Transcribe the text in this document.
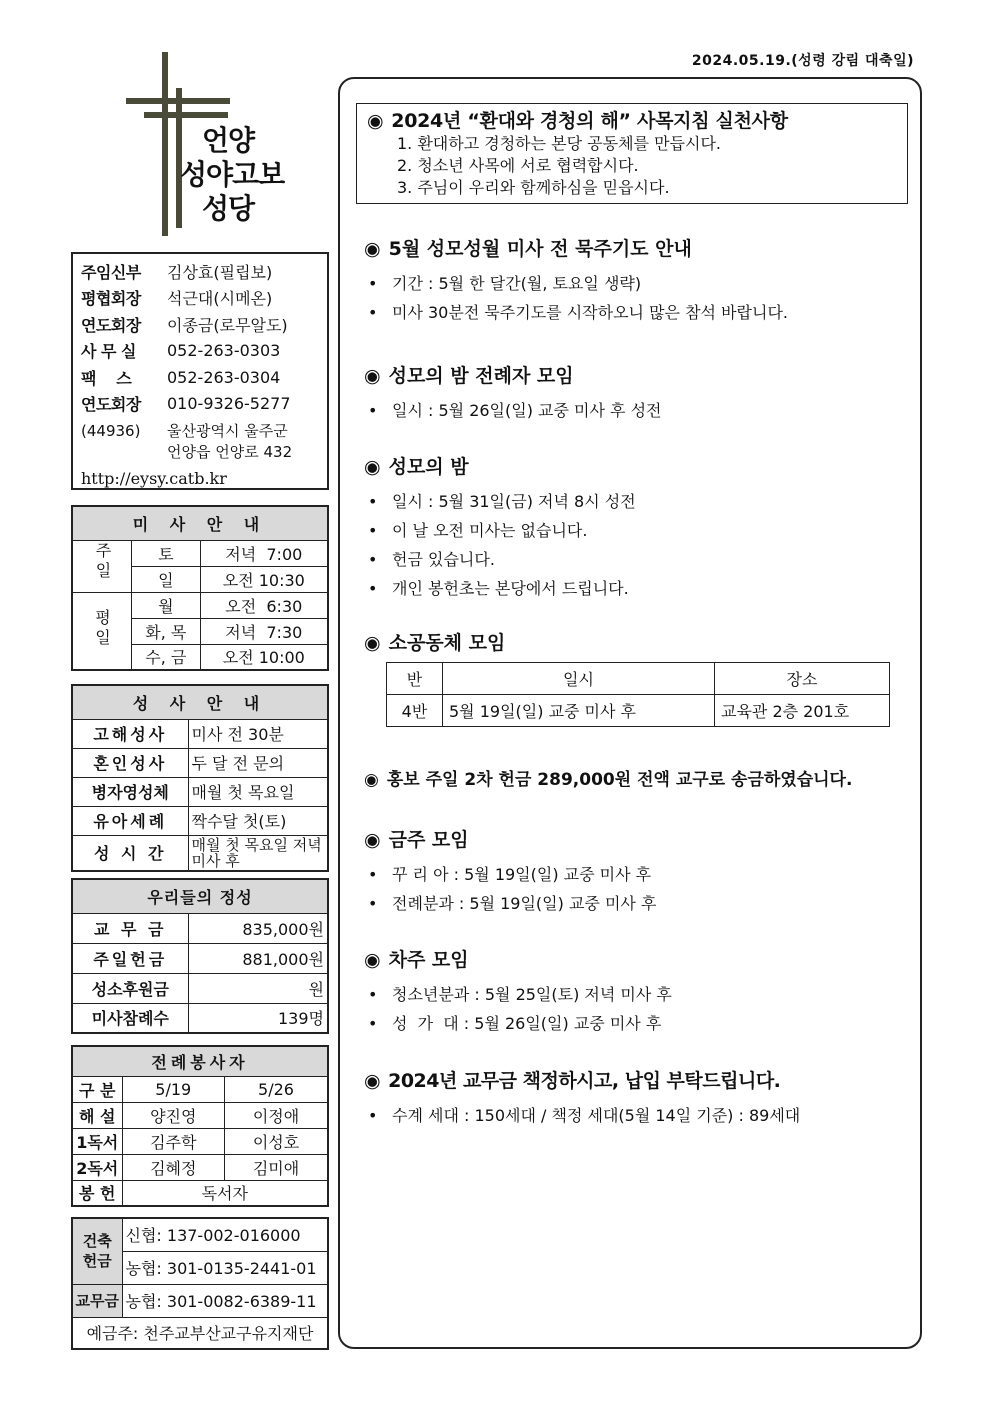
2024.05.19.(성령 강림 대축일)
언양
성야고보
성당
주임신부	김상효(필립보)
평협회장	석근대(시메온)
연도회장	이종금(로무알도)
사 무 실	052-263-0303
팩    스	052-263-0304
연도회장	010-9326-5277
(44936)	울산광역시 울주군
언양읍 언양로 432
http://eysy.catb.kr
미 사 안 내		
주일	토	저녁  7:00
	일	오전 10:30
평일	월	오전  6:30
	화, 목	저녁  7:30
	수, 금	오전 10:00
성 사 안 내	
고해성사	미사 전 30분
혼인성사	두 달 전 문의
병자영성체	매월 첫 목요일
유아세례	짝수달 첫(토)
성 시 간	매월 첫 목요일 저녁미사 후
우리들의 정성	
교 무 금	835,000원
주일헌금	881,000원
성소후원금	원
미사참례수	139명
전례봉사자		
구 분	5/19	5/26
해 설	양진영	이정애
1독서	김주학	이성호
2독서	김혜정	김미애
봉 헌	독서자	
건축헌금	신협: 137-002-016000
	농협: 301-0135-2441-01
교무금	농협: 301-0082-6389-11
예금주: 천주교부산교구유지재단	
◉ 2024년 “환대와 경청의 해” 사목지침 실천사항
1. 환대하고 경청하는 본당 공동체를 만듭시다.
2. 청소년 사목에 서로 협력합시다.
3. 주님이 우리와 함께하심을 믿읍시다.
◉ 5월 성모성월 미사 전 묵주기도 안내
• 기간 : 5월 한 달간(월, 토요일 생략)
• 미사 30분전 묵주기도를 시작하오니 많은 참석 바랍니다.
◉ 성모의 밤 전례자 모임
• 일시 : 5월 26일(일) 교중 미사 후 성전
◉ 성모의 밤
• 일시 : 5월 31일(금) 저녁 8시 성전
• 이 날 오전 미사는 없습니다.
• 헌금 있습니다.
• 개인 봉헌초는 본당에서 드립니다.
◉ 소공동체 모임
반	일시	장소
4반	5월 19일(일) 교중 미사 후	교육관 2층 201호
◉ 홍보 주일 2차 헌금 289,000원 전액 교구로 송금하였습니다.
◉ 금주 모임
• 꾸 리 아 : 5월 19일(일) 교중 미사 후
• 전례분과 : 5월 19일(일) 교중 미사 후
◉ 차주 모임
• 청소년분과 : 5월 25일(토) 저녁 미사 후
• 성  가  대 : 5월 26일(일) 교중 미사 후
◉ 2024년 교무금 책정하시고, 납입 부탁드립니다.
• 수계 세대 : 150세대 / 책정 세대(5월 14일 기준) : 89세대
